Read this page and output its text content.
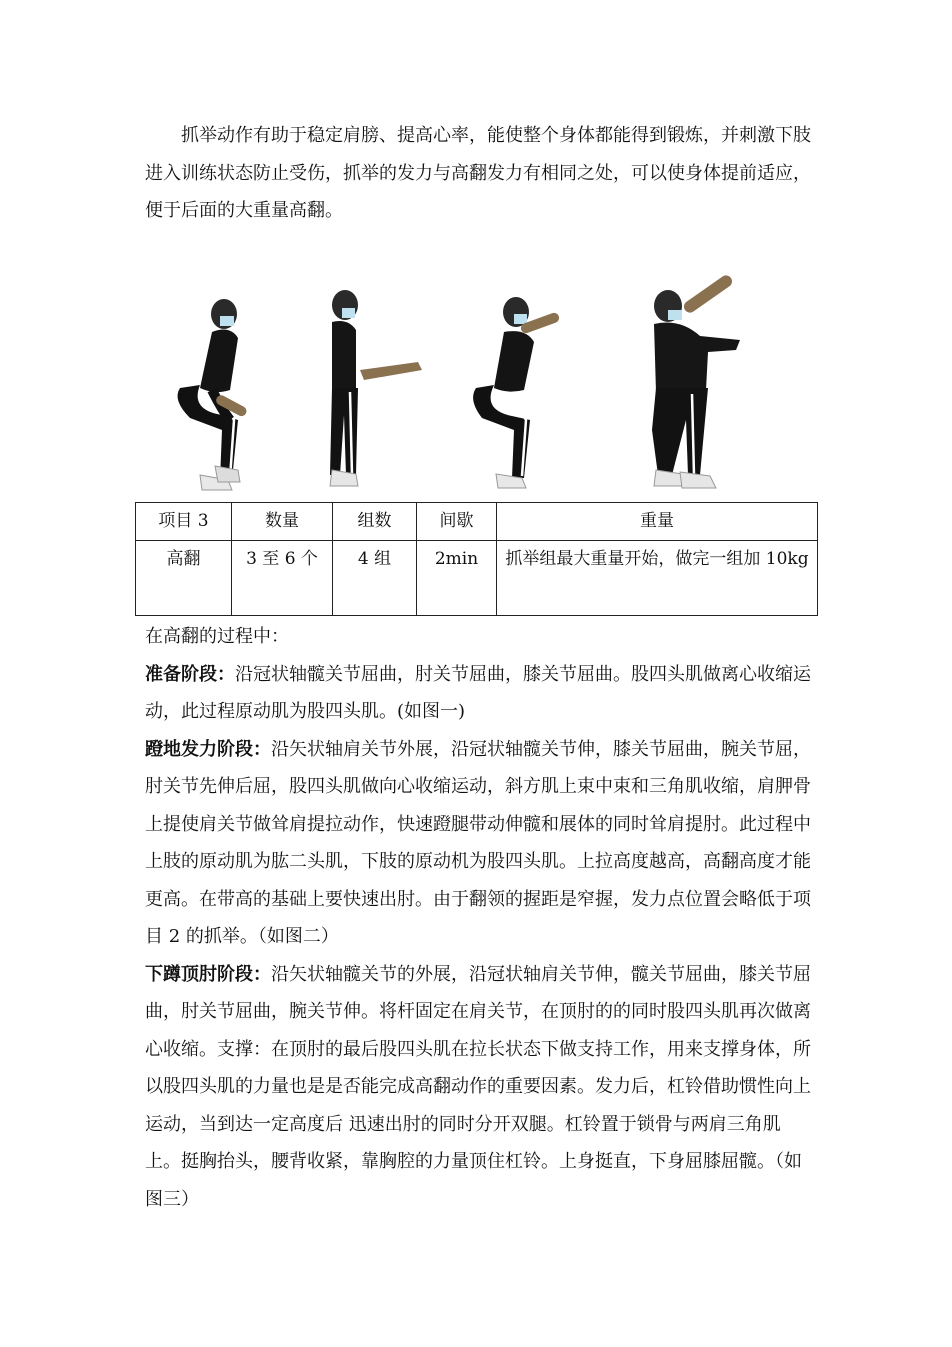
抓举动作有助于稳定肩膀、提高心率，能使整个身体都能得到锻炼，并刺激下肢进入训练状态防止受伤，抓举的发力与高翻发力有相同之处，可以使身体提前适应，便于后面的大重量高翻。
项目 3	数量	组数	间歇	重量
高翻	3 至 6 个	4 组	2min	抓举组最大重量开始，做完一组加 10kg

在高翻的过程中：

准备阶段：沿冠状轴髋关节屈曲，肘关节屈曲，膝关节屈曲。股四头肌做离心收缩运动，此过程原动肌为股四头肌。(如图一)

蹬地发力阶段：沿矢状轴肩关节外展，沿冠状轴髋关节伸，膝关节屈曲，腕关节屈，肘关节先伸后屈，股四头肌做向心收缩运动，斜方肌上束中束和三角肌收缩，肩胛骨上提使肩关节做耸肩提拉动作，快速蹬腿带动伸髋和展体的同时耸肩提肘。此过程中上肢的原动肌为肱二头肌，下肢的原动机为股四头肌。上拉高度越高，高翻高度才能更高。在带高的基础上要快速出肘。由于翻领的握距是窄握，发力点位置会略低于项目 2 的抓举。（如图二）

下蹲顶肘阶段：沿矢状轴髋关节的外展，沿冠状轴肩关节伸，髋关节屈曲，膝关节屈曲，肘关节屈曲，腕关节伸。将杆固定在肩关节，在顶肘的的同时股四头肌再次做离心收缩。支撑：在顶肘的最后股四头肌在拉长状态下做支持工作，用来支撑身体，所以股四头肌的力量也是是否能完成高翻动作的重要因素。发力后，杠铃借助惯性向上运动，当到达一定高度后 迅速出肘的同时分开双腿。杠铃置于锁骨与两肩三角肌上。挺胸抬头，腰背收紧，靠胸腔的力量顶住杠铃。上身挺直，下身屈膝屈髋。（如图三）
